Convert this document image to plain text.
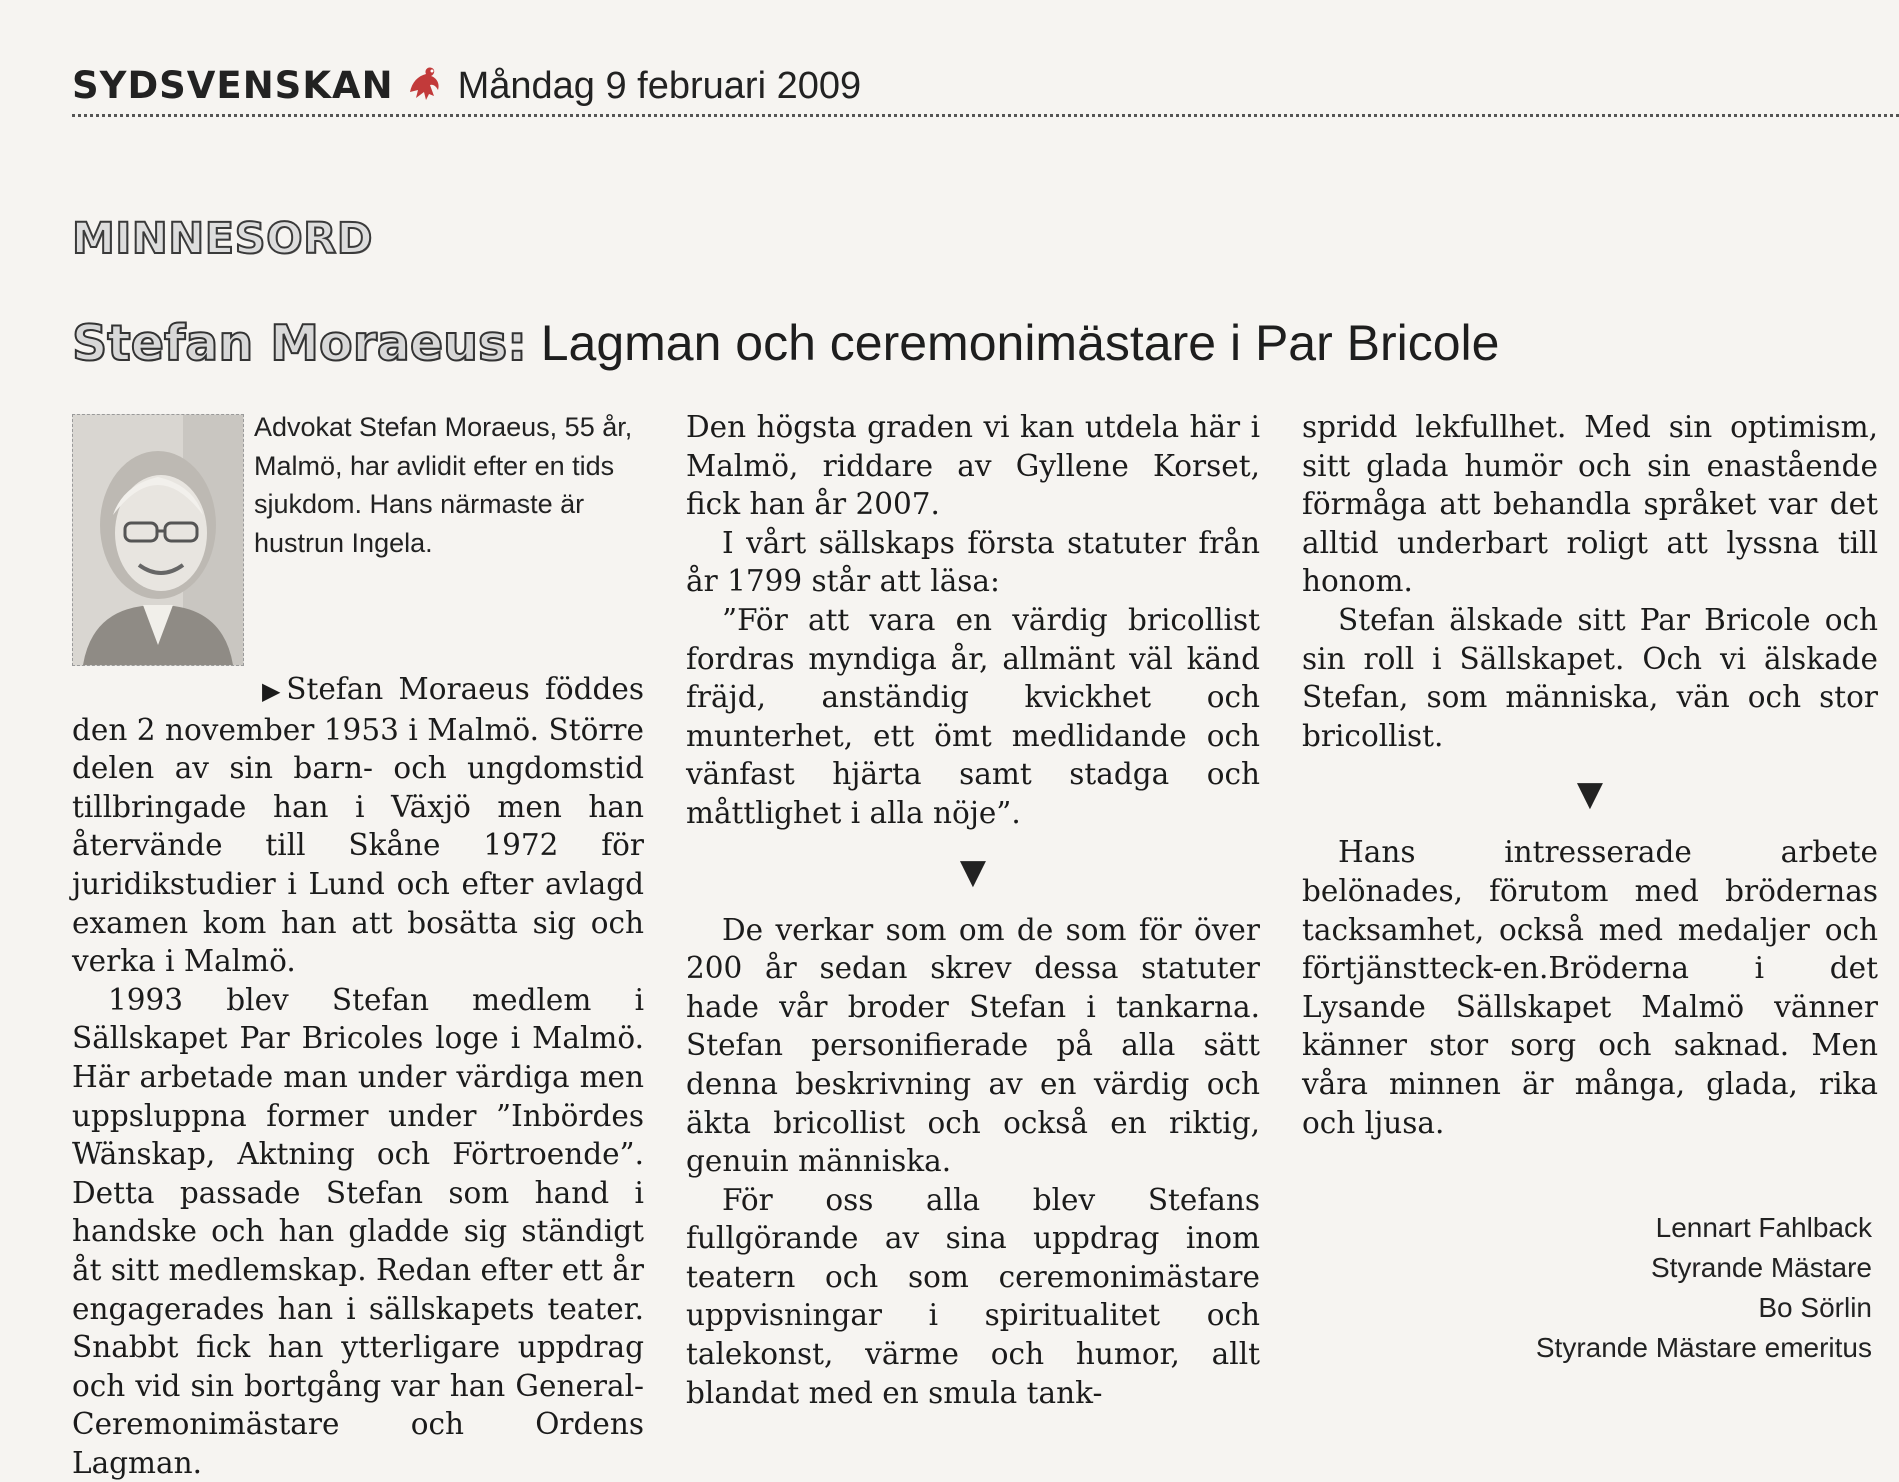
SYDSVENSKAN Måndag 9 februari 2009
MINNESORD
Stefan Moraeus: Lagman och ceremonimästare i Par Bricole
Advokat Stefan Moraeus, 55 år, Malmö, har avlidit efter en tids sjukdom. Hans närmaste är hustrun Ingela.

▶Stefan Moraeus föddes den 2 november 1953 i Malmö. Större delen av sin barn- och ungdomstid tillbringade han i Växjö men han återvände till Skåne 1972 för juridikstudier i Lund och efter avlagd examen kom han att bosätta sig och verka i Malmö.

1993 blev Stefan medlem i Sällskapet Par Bricoles loge i Malmö. Här arbetade man under värdiga men uppsluppna former under ”Inbördes Wänskap, Aktning och Förtroende”. Detta passade Stefan som hand i handske och han gladde sig ständigt åt sitt medlemskap. Redan efter ett år engagerades han i sällskapets teater. Snabbt fick han ytterligare uppdrag och vid sin bortgång var han General-Ceremonimästare och Ordens Lagman.

Den högsta graden vi kan utdela här i Malmö, riddare av Gyllene Korset, fick han år 2007.

I vårt sällskaps första statuter från år 1799 står att läsa:

”För att vara en värdig bricollist fordras myndiga år, allmänt väl känd fräjd, anständig kvickhet och munterhet, ett ömt medlidande och vänfast hjärta samt stadga och måttlighet i alla nöje”.

▼

De verkar som om de som för över 200 år sedan skrev dessa statuter hade vår broder Stefan i tankarna. Stefan personifierade på alla sätt denna beskrivning av en värdig och äkta bricollist och också en riktig, genuin människa.

För oss alla blev Stefans fullgörande av sina uppdrag inom teatern och som ceremonimästare uppvisningar i spiritualitet och talekonst, värme och humor, allt blandat med en smula tank-

spridd lekfullhet. Med sin optimism, sitt glada humör och sin enastående förmåga att behandla språket var det alltid underbart roligt att lyssna till honom.

Stefan älskade sitt Par Bricole och sin roll i Sällskapet. Och vi älskade Stefan, som människa, vän och stor bricollist.

▼

Hans intresserade arbete belönades, förutom med brödernas tacksamhet, också med medaljer och förtjänstteck-en.Bröderna i det Lysande Sällskapet Malmö vänner känner stor sorg och saknad. Men våra minnen är många, glada, rika och ljusa.

Lennart Fahlback
Styrande Mästare
Bo Sörlin
Styrande Mästare emeritus
